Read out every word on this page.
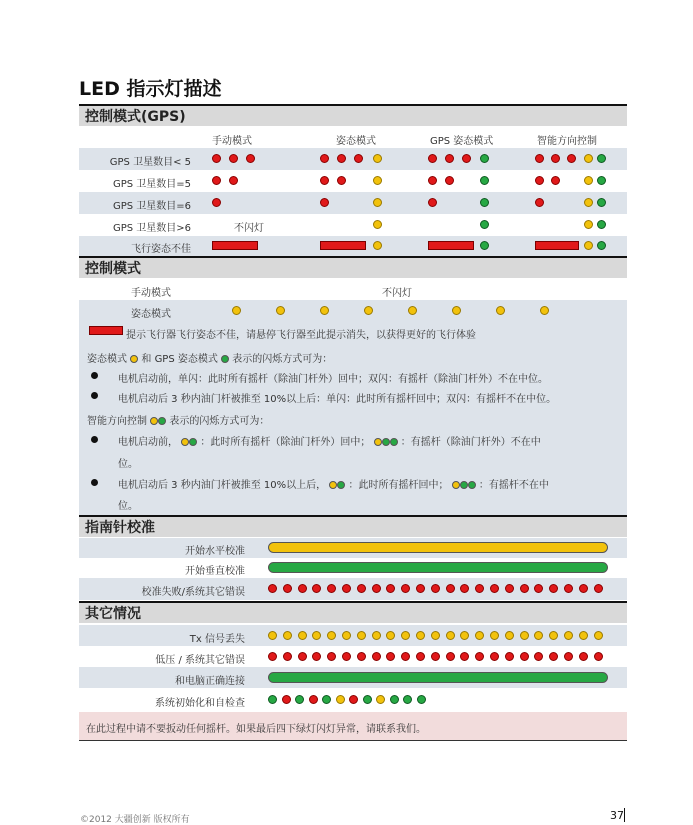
LED 指示灯描述
控制模式(GPS)
手动模式	姿态模式	GPS 姿态模式	智能方向控制
GPS 卫星数目< 5
GPS 卫星数目=5
GPS 卫星数目=6
GPS 卫星数目>6
飞行姿态不佳
不闪灯
控制模式
手动模式	不闪灯
姿态模式
提示飞行器飞行姿态不佳，请悬停飞行器至此提示消失，以获得更好的飞行体验
姿态模式 和 GPS 姿态模式 表示的闪烁方式可为：
电机启动前，单闪：此时所有摇杆（除油门杆外）回中；双闪：有摇杆（除油门杆外）不在中位。
电机启动后 3 秒内油门杆被推至 10%以上后：单闪：此时所有摇杆回中；双闪：有摇杆不在中位。
智能方向控制 表示的闪烁方式可为：
电机启动前， ：此时所有摇杆（除油门杆外）回中；	：有摇杆（除油门杆外）不在中
位。
电机启动后 3 秒内油门杆被推至 10%以上后， ：此时所有摇杆回中；	：有摇杆不在中
位。
指南针校准
开始水平校准
开始垂直校准
校准失败/系统其它错误
其它情况
Tx 信号丢失
低压 / 系统其它错误
和电脑正确连接
系统初始化和自检查
在此过程中请不要扳动任何摇杆。如果最后四下绿灯闪灯异常，请联系我们。
©2012 大疆创新 版权所有	37
